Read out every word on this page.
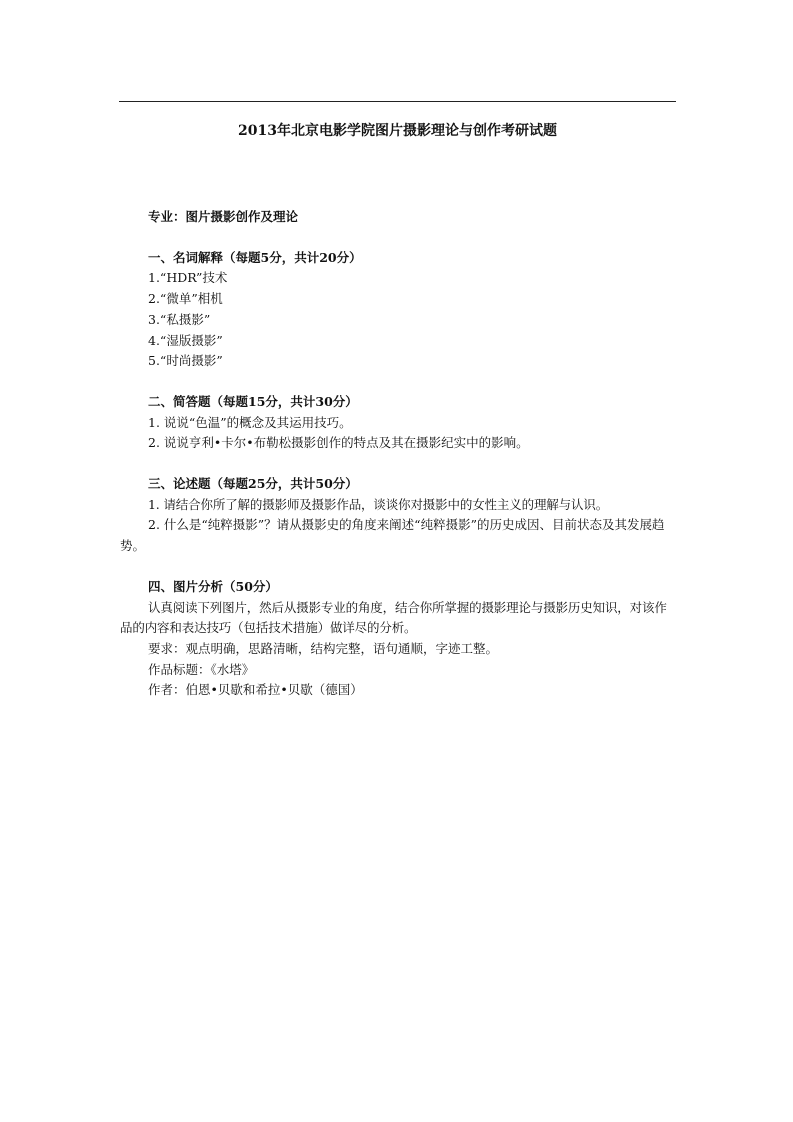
2013年北京电影学院图片摄影理论与创作考研试题
专业：图片摄影创作及理论
一、名词解释（每题5分，共计20分）
1.“HDR”技术
2.“微单”相机
3.“私摄影”
4.“湿版摄影”
5.“时尚摄影”
二、简答题（每题15分，共计30分）
1. 说说“色温”的概念及其运用技巧。
2. 说说亨利•卡尔•布勒松摄影创作的特点及其在摄影纪实中的影响。
三、论述题（每题25分，共计50分）
1. 请结合你所了解的摄影师及摄影作品，谈谈你对摄影中的女性主义的理解与认识。
2. 什么是“纯粹摄影”？请从摄影史的角度来阐述“纯粹摄影”的历史成因、目前状态及其发展趋势。
四、图片分析（50分）
认真阅读下列图片，然后从摄影专业的角度，结合你所掌握的摄影理论与摄影历史知识，对该作品的内容和表达技巧（包括技术措施）做详尽的分析。
要求：观点明确，思路清晰，结构完整，语句通顺，字迹工整。
作品标题：《水塔》
作者：伯恩•贝歇和希拉•贝歇（德国）
